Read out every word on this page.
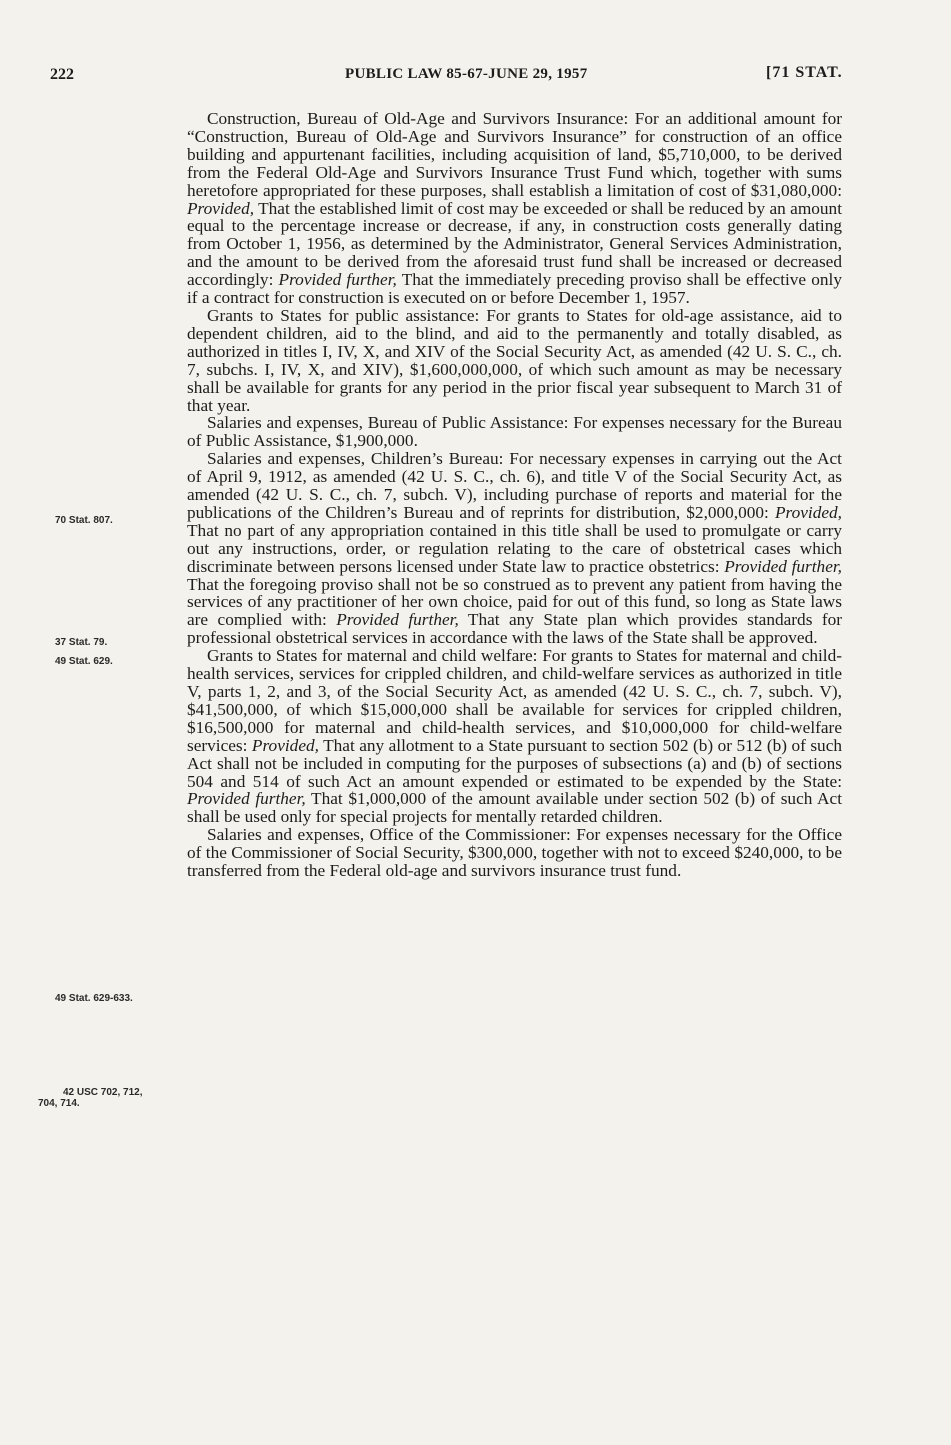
222	PUBLIC LAW 85-67-JUNE 29, 1957	[71 STAT.

Construction, Bureau of Old-Age and Survivors Insurance: For an additional amount for “Construction, Bureau of Old-Age and Survivors Insurance” for construction of an office building and appurtenant facilities, including acquisition of land, $5,710,000, to be derived from the Federal Old-Age and Survivors Insurance Trust Fund which, together with sums heretofore appropriated for these purposes, shall establish a limitation of cost of $31,080,000: Provided, That the established limit of cost may be exceeded or shall be reduced by an amount equal to the percentage increase or decrease, if any, in construction costs generally dating from October 1, 1956, as determined by the Administrator, General Services Administration, and the amount to be derived from the aforesaid trust fund shall be increased or decreased accordingly: Provided further, That the immediately preceding proviso shall be effective only if a contract for construction is executed on or before December 1, 1957.

Grants to States for public assistance: For grants to States for old-age assistance, aid to dependent children, aid to the blind, and aid to the permanently and totally disabled, as authorized in titles I, IV, X, and XIV of the Social Security Act, as amended (42 U. S. C., ch. 7, subchs. I, IV, X, and XIV), $1,600,000,000, of which such amount as may be necessary shall be available for grants for any period in the prior fiscal year subsequent to March 31 of that year.

Salaries and expenses, Bureau of Public Assistance: For expenses necessary for the Bureau of Public Assistance, $1,900,000.

Salaries and expenses, Children’s Bureau: For necessary expenses in carrying out the Act of April 9, 1912, as amended (42 U. S. C., ch. 6), and title V of the Social Security Act, as amended (42 U. S. C., ch. 7, subch. V), including purchase of reports and material for the publications of the Children’s Bureau and of reprints for distribution, $2,000,000: Provided, That no part of any appropriation contained in this title shall be used to promulgate or carry out any instructions, order, or regulation relating to the care of obstetrical cases which discriminate between persons licensed under State law to practice obstetrics: Provided further, That the foregoing proviso shall not be so construed as to prevent any patient from having the services of any practitioner of her own choice, paid for out of this fund, so long as State laws are complied with: Provided further, That any State plan which provides standards for professional obstetrical services in accordance with the laws of the State shall be approved.

Grants to States for maternal and child welfare: For grants to States for maternal and child-health services, services for crippled children, and child-welfare services as authorized in title V, parts 1, 2, and 3, of the Social Security Act, as amended (42 U. S. C., ch. 7, subch. V), $41,500,000, of which $15,000,000 shall be available for services for crippled children, $16,500,000 for maternal and child-health services, and $10,000,000 for child-welfare services: Provided, That any allotment to a State pursuant to section 502 (b) or 512 (b) of such Act shall not be included in computing for the purposes of subsections (a) and (b) of sections 504 and 514 of such Act an amount expended or estimated to be expended by the State: Provided further, That $1,000,000 of the amount available under section 502 (b) of such Act shall be used only for special projects for mentally retarded children.

Salaries and expenses, Office of the Commissioner: For expenses necessary for the Office of the Commissioner of Social Security, $300,000, together with not to exceed $240,000, to be transferred from the Federal old-age and survivors insurance trust fund.

70 Stat. 807.
37 Stat. 79.
49 Stat. 629.
49 Stat. 629-633.
42 USC 702, 712,
704, 714.
